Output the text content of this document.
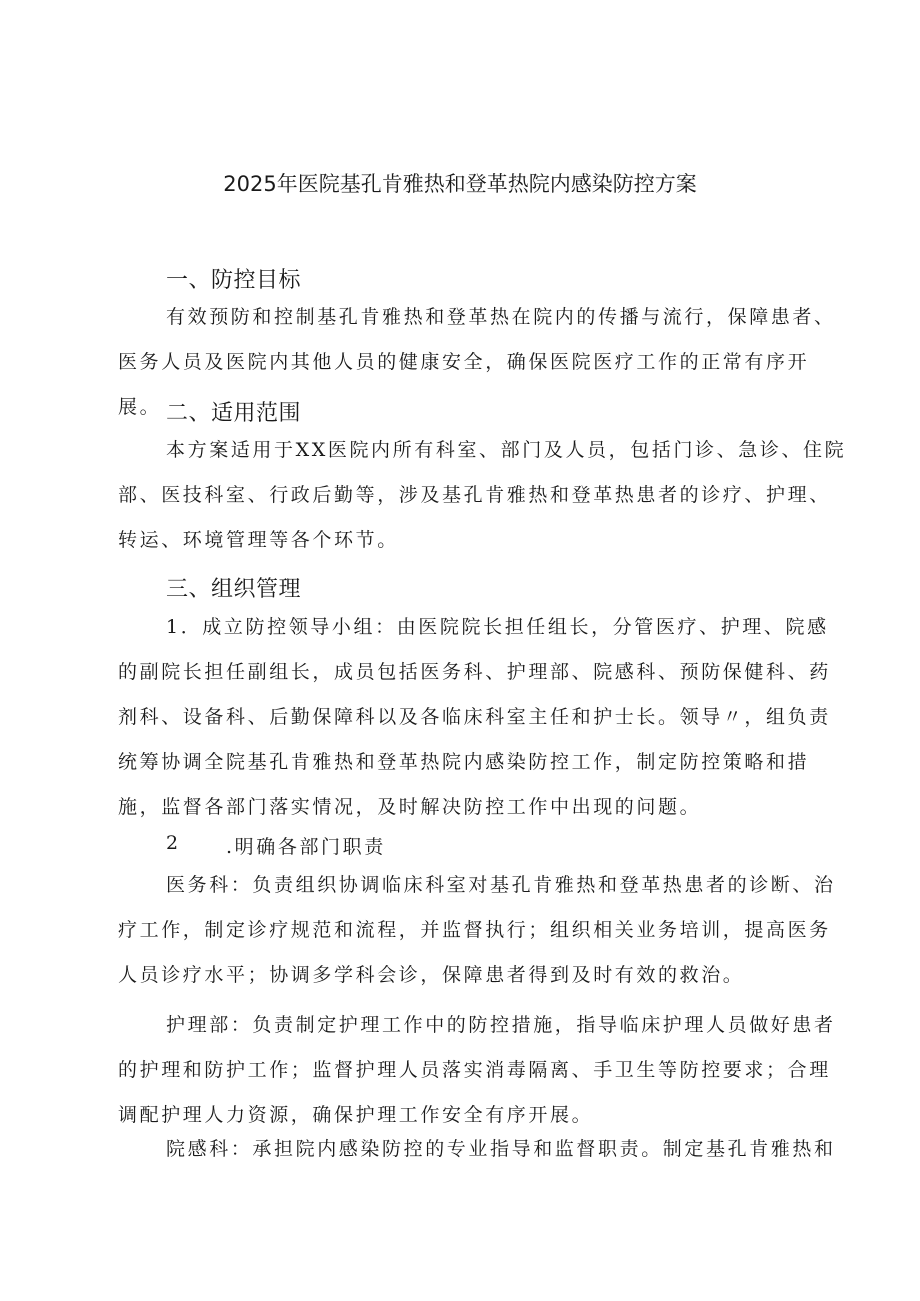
2025年医院基孔肯雅热和登革热院内感染防控方案
一、防控目标

有效预防和控制基孔肯雅热和登革热在院内的传播与流行，保障患者、医务人员及医院内其他人员的健康安全，确保医院医疗工作的正常有序开展。 二、适用范围

本方案适用于XX医院内所有科室、部门及人员，包括门诊、急诊、住院部、医技科室、行政后勤等，涉及基孔肯雅热和登革热患者的诊疗、护理、转运、环境管理等各个环节。

三、组织管理

1．成立防控领导小组：由医院院长担任组长，分管医疗、护理、院感的副院长担任副组长，成员包括医务科、护理部、院感科、预防保健科、药剂科、设备科、后勤保障科以及各临床科室主任和护士长。领导〃，组负责统筹协调全院基孔肯雅热和登革热院内感染防控工作，制定防控策略和措施，监督各部门落实情况，及时解决防控工作中出现的问题。

2 .明确各部门职责

医务科：负责组织协调临床科室对基孔肯雅热和登革热患者的诊断、治疗工作，制定诊疗规范和流程，并监督执行；组织相关业务培训，提高医务人员诊疗水平；协调多学科会诊，保障患者得到及时有效的救治。

护理部：负责制定护理工作中的防控措施，指导临床护理人员做好患者的护理和防护工作；监督护理人员落实消毒隔离、手卫生等防控要求；合理调配护理人力资源，确保护理工作安全有序开展。

院感科：承担院内感染防控的专业指导和监督职责。制定基孔肯雅热和
